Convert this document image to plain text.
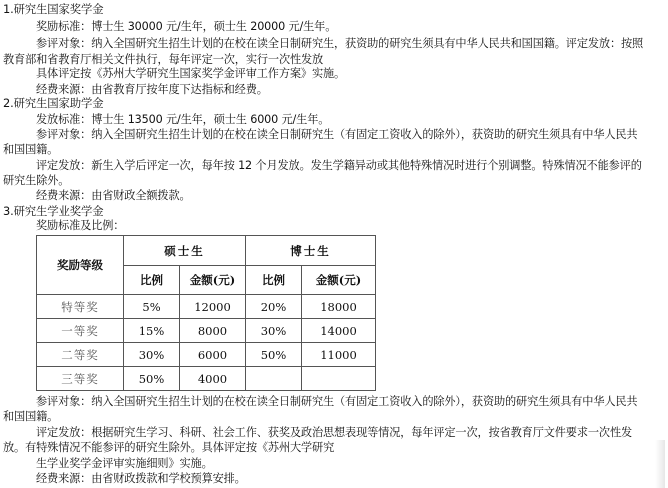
1.研究生国家奖学金
奖励标准：博士生 30000 元/生年，硕士生 20000 元/生年。
参评对象：纳入全国研究生招生计划的在校在读全日制研究生，获资助的研究生须具有中华人民共和国国籍。评定发放：按照
教育部和省教育厅相关文件执行，每年评定一次，实行一次性发放
具体评定按《苏州大学研究生国家奖学金评审工作方案》实施。
经费来源：由省教育厅按年度下达指标和经费。
2.研究生国家助学金
发放标准：博士生 13500 元/生年，硕士生 6000 元/生年。
参评对象：纳入全国研究生招生计划的在校在读全日制研究生（有固定工资收入的除外），获资助的研究生须具有中华人民共
和国国籍。
评定发放：新生入学后评定一次，每年按 12 个月发放。发生学籍异动或其他特殊情况时进行个别调整。特殊情况不能参评的
研究生除外。
经费来源：由省财政全额拨款。
3.研究生学业奖学金
奖励标准及比例：
奖励等级	硕士生		博士生	
	比例	金额(元)	比例	金额(元)
特等奖	5%	12000	20%	18000
一等奖	15%	8000	30%	14000
二等奖	30%	6000	50%	11000
三等奖	50%	4000		
参评对象：纳入全国研究生招生计划的在校在读全日制研究生（有固定工资收入的除外），获资助的研究生须具有中华人民共
和国国籍。
评定发放：根据研究生学习、科研、社会工作、获奖及政治思想表现等情况，每年评定一次，按省教育厅文件要求一次性发
放。有特殊情况不能参评的研究生除外。具体评定按《苏州大学研究
生学业奖学金评审实施细则》实施。
经费来源：由省财政拨款和学校预算安排。
